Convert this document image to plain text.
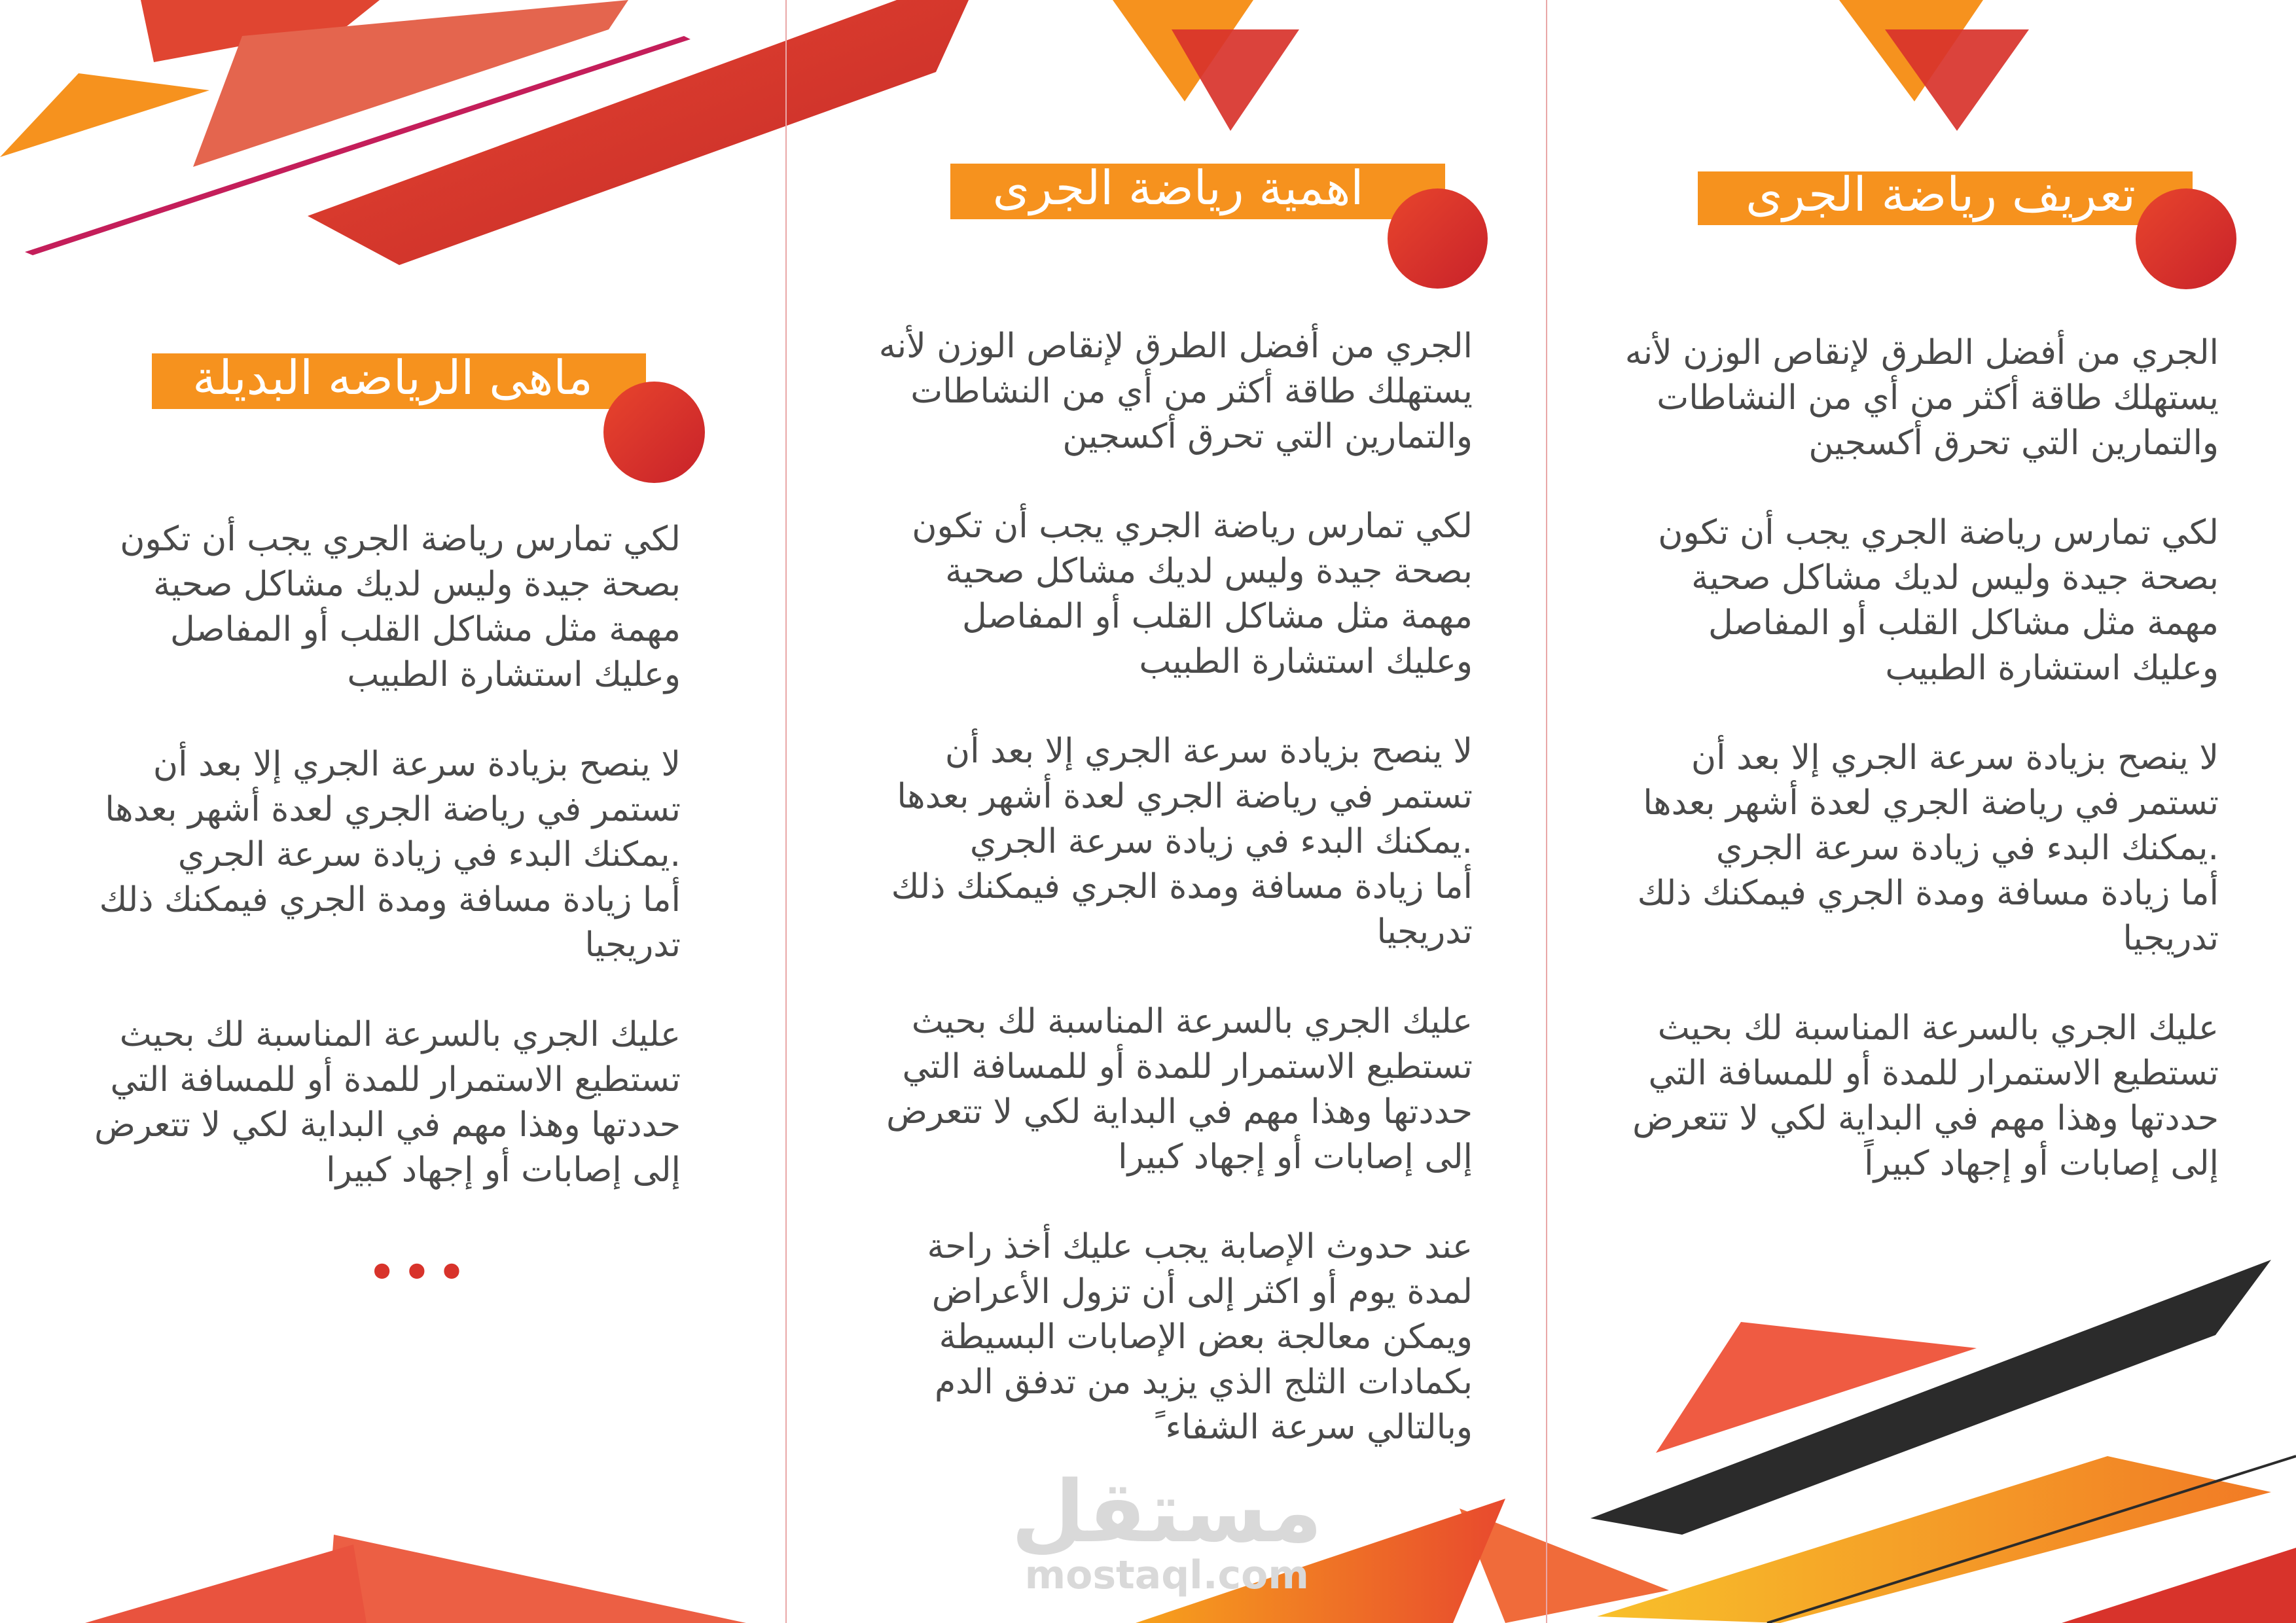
تعريف رياضة الجرى

الجري من أفضل الطرق لإنقاص الوزن لأنه
يستهلك طاقة أكثر من أي من النشاطات
والتمارين التي تحرق أكسجين

لكي تمارس رياضة الجري يجب أن تكون
بصحة جيدة وليس لديك مشاكل صحية
مهمة مثل مشاكل القلب أو المفاصل
وعليك استشارة الطبيب

لا ينصح بزيادة سرعة الجري إلا بعد أن
تستمر في رياضة الجري لعدة أشهر بعدها
.يمكنك البدء في زيادة سرعة الجري
أما زيادة مسافة ومدة الجري فيمكنك ذلك
تدريجيا

عليك الجري بالسرعة المناسبة لك بحيث
تستطيع الاستمرار للمدة أو للمسافة التي
حددتها وهذا مهم في البداية لكي لا تتعرض
إلى إصابات أو إجهاد كبيراً

اهمية رياضة الجرى

الجري من أفضل الطرق لإنقاص الوزن لأنه
يستهلك طاقة أكثر من أي من النشاطات
والتمارين التي تحرق أكسجين

لكي تمارس رياضة الجري يجب أن تكون
بصحة جيدة وليس لديك مشاكل صحية
مهمة مثل مشاكل القلب أو المفاصل
وعليك استشارة الطبيب

لا ينصح بزيادة سرعة الجري إلا بعد أن
تستمر في رياضة الجري لعدة أشهر بعدها
.يمكنك البدء في زيادة سرعة الجري
أما زيادة مسافة ومدة الجري فيمكنك ذلك
تدريجيا

عليك الجري بالسرعة المناسبة لك بحيث
تستطيع الاستمرار للمدة أو للمسافة التي
حددتها وهذا مهم في البداية لكي لا تتعرض
إلى إصابات أو إجهاد كبيرا

عند حدوث الإصابة يجب عليك أخذ راحة
لمدة يوم أو اكثر إلى أن تزول الأعراض
ويمكن معالجة بعض الإصابات البسيطة
بكمادات الثلج الذي يزيد من تدفق الدم
وبالتالي سرعة الشفاء ً

ماهى الرياضه البديلة

لكي تمارس رياضة الجري يجب أن تكون
بصحة جيدة وليس لديك مشاكل صحية
مهمة مثل مشاكل القلب أو المفاصل
وعليك استشارة الطبيب

لا ينصح بزيادة سرعة الجري إلا بعد أن
تستمر في رياضة الجري لعدة أشهر بعدها
.يمكنك البدء في زيادة سرعة الجري
أما زيادة مسافة ومدة الجري فيمكنك ذلك
تدريجيا

عليك الجري بالسرعة المناسبة لك بحيث
تستطيع الاستمرار للمدة أو للمسافة التي
حددتها وهذا مهم في البداية لكي لا تتعرض
إلى إصابات أو إجهاد كبيرا

•••
مستقل
mostaql.com
